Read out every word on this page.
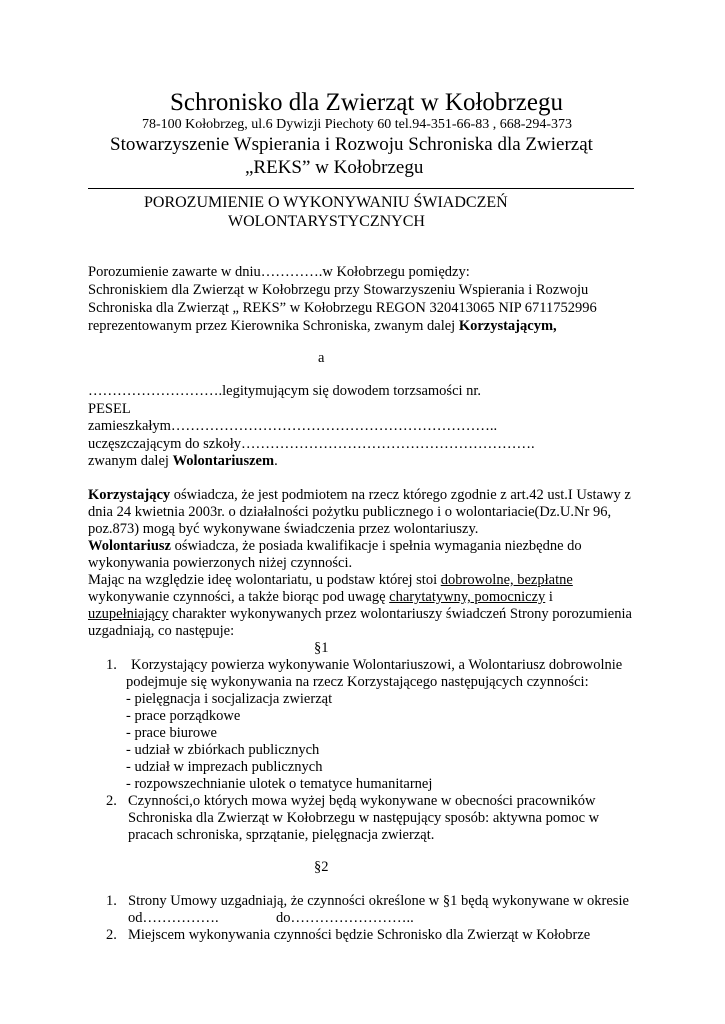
Schronisko dla Zwierząt w Kołobrzegu
78-100 Kołobrzeg, ul.6 Dywizji Piechoty 60 tel.94-351-66-83 , 668-294-373
Stowarzyszenie Wspierania i Rozwoju Schroniska dla Zwierząt
„REKS” w Kołobrzegu
POROZUMIENIE O WYKONYWANIU ŚWIADCZEŃ
WOLONTARYSTYCZNYCH
Porozumienie zawarte w dniu………….w Kołobrzegu pomiędzy:
Schroniskiem dla Zwierząt w Kołobrzegu przy Stowarzyszeniu Wspierania i Rozwoju
Schroniska dla Zwierząt „ REKS” w Kołobrzegu REGON 320413065 NIP 6711752996
reprezentowanym przez Kierownika Schroniska, zwanym dalej Korzystającym,
a
……………………….legitymującym się dowodem torzsamości nr.
PESEL
zamieszkałym…………………………………………………………..
uczęszczającym do szkoły…………………………………………………….
zwanym dalej Wolontariuszem.
Korzystający oświadcza, że jest podmiotem na rzecz którego zgodnie z art.42 ust.I Ustawy z
dnia 24 kwietnia 2003r. o działalności pożytku publicznego i o wolontariacie(Dz.U.Nr 96,
poz.873) mogą być wykonywane świadczenia przez wolontariuszy.
Wolontariusz oświadcza, że posiada kwalifikacje i spełnia wymagania niezbędne do
wykonywania powierzonych niżej czynności.
Mając na względzie ideę wolontariatu, u podstaw której stoi dobrowolne, bezpłatne
wykonywanie czynności, a także biorąc pod uwagę charytatywny, pomocniczy i
uzupełniający charakter wykonywanych przez wolontariuszy świadczeń Strony porozumienia
uzgadniają, co następuje:
§1
1. Korzystający powierza wykonywanie Wolontariuszowi, a Wolontariusz dobrowolnie
podejmuje się wykonywania na rzecz Korzystającego następujących czynności:
- pielęgnacja i socjalizacja zwierząt
- prace porządkowe
- prace biurowe
- udział w zbiórkach publicznych
- udział w imprezach publicznych
- rozpowszechnianie ulotek o tematyce humanitarnej
2. Czynności,o których mowa wyżej będą wykonywane w obecności pracowników
Schroniska dla Zwierząt w Kołobrzegu w następujący sposób: aktywna pomoc w
pracach schroniska, sprzątanie, pielęgnacja zwierząt.
§2
1. Strony Umowy uzgadniają, że czynności określone w §1 będą wykonywane w okresie
od…………….	do……………………..
2. Miejscem wykonywania czynności będzie Schronisko dla Zwierząt w Kołobrze
